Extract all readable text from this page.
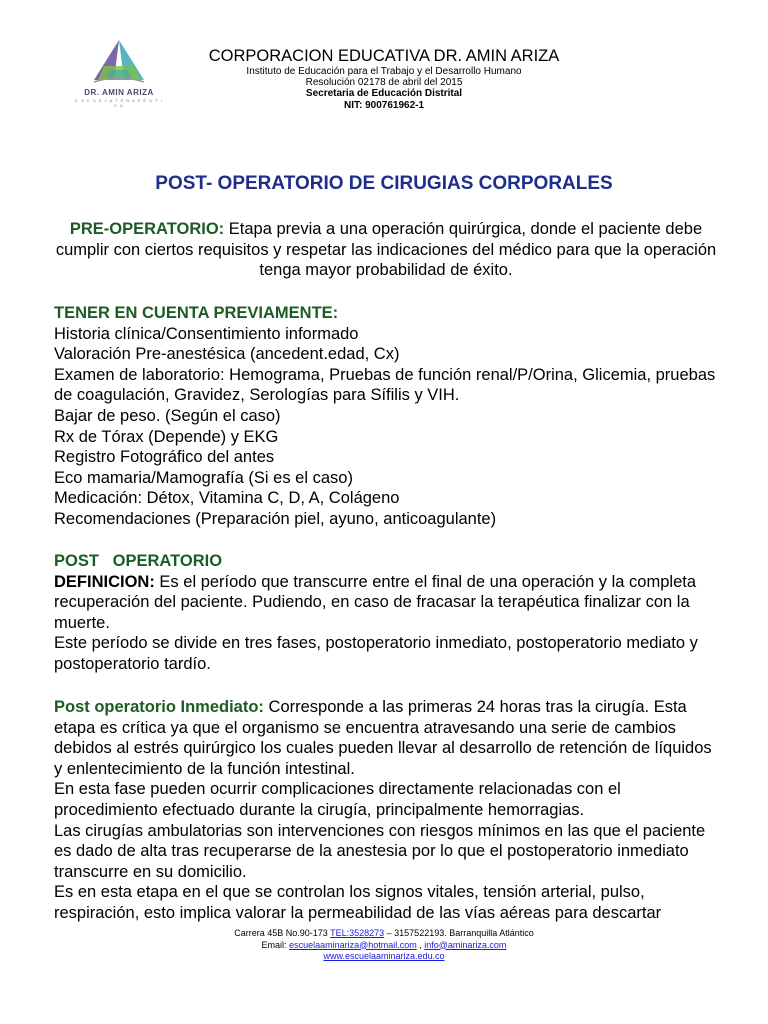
DR. AMIN ARIZA
E S C U E L A T E R A P É U T I C A
CORPORACION EDUCATIVA DR. AMIN ARIZA
Instituto de Educación para el Trabajo y el Desarrollo Humano
Resolución 02178 de abril del 2015
Secretaria de Educación Distrital
NIT: 900761962-1
POST- OPERATORIO DE CIRUGIAS CORPORALES
PRE-OPERATORIO: Etapa previa a una operación quirúrgica, donde el paciente debe cumplir con ciertos requisitos y respetar las indicaciones del médico para que la operación tenga mayor probabilidad de éxito.
TENER EN CUENTA PREVIAMENTE:
Historia clínica/Consentimiento informado
Valoración Pre-anestésica (ancedent.edad, Cx)
Examen de laboratorio: Hemograma, Pruebas de función renal/P/Orina, Glicemia, pruebas de coagulación, Gravidez, Serologías para Sífilis y VIH.
Bajar de peso. (Según el caso)
Rx de Tórax (Depende) y EKG
Registro Fotográfico del antes
Eco mamaria/Mamografía (Si es el caso)
Medicación: Détox, Vitamina C, D, A, Colágeno
Recomendaciones (Preparación piel, ayuno, anticoagulante)
POST   OPERATORIO
DEFINICION: Es el período que transcurre entre el final de una operación y la completa recuperación del paciente. Pudiendo, en caso de fracasar la terapéutica finalizar con la muerte.
Este período se divide en tres fases, postoperatorio inmediato, postoperatorio mediato y postoperatorio tardío.
Post operatorio Inmediato: Corresponde a las primeras 24 horas tras la cirugía. Esta etapa es crítica ya que el organismo se encuentra atravesando una serie de cambios debidos al estrés quirúrgico los cuales pueden llevar al desarrollo de retención de líquidos y enlentecimiento de la función intestinal.
En esta fase pueden ocurrir complicaciones directamente relacionadas con el procedimiento efectuado durante la cirugía, principalmente hemorragias.
Las cirugías ambulatorias son intervenciones con riesgos mínimos en las que el paciente es dado de alta tras recuperarse de la anestesia por lo que el postoperatorio inmediato transcurre en su domicilio.
Es en esta etapa en el que se controlan los signos vitales, tensión arterial, pulso, respiración, esto implica valorar la permeabilidad de las vías aéreas para descartar
Carrera 45B No.90-173 TEL:3528273 – 3157522193. Barranquilla Atlántico
Email: escuelaaminariza@hotmail.com , info@aminariza.com
www.escuelaaminariza.edu.co
